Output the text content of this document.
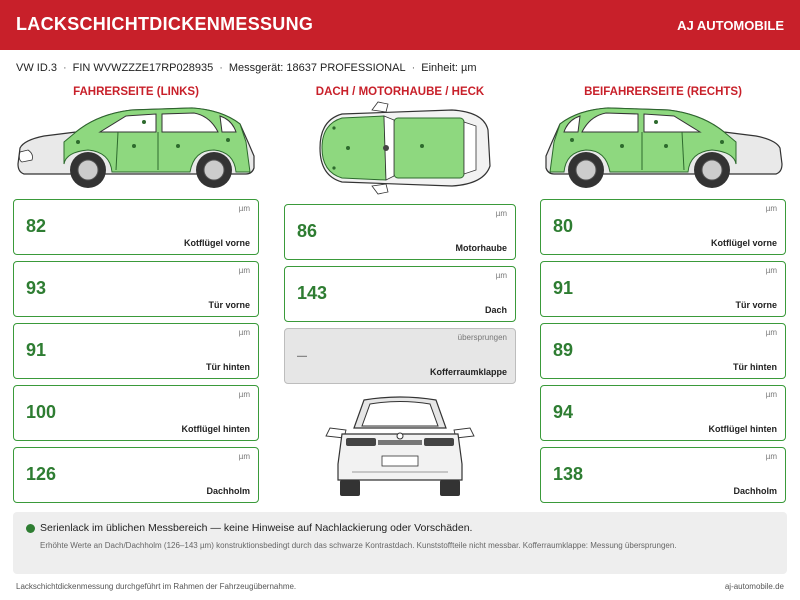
LACKSCHICHTDICKENMESSUNG	AJ AUTOMOBILE
VW ID.3 · FIN WVWZZZE17RP028935 · Messgerät: 18637 PROFESSIONAL · Einheit: µm
FAHRERSEITE (LINKS)	DACH / MOTORHAUBE / HECK	BEIFAHRERSEITE (RECHTS)
µm
82
Kotflügel vorne
µm
93
Tür vorne
µm
91
Tür hinten
µm
100
Kotflügel hinten
µm
126
Dachholm
µm
86
Motorhaube
µm
143
Dach
übersprungen
–
Kofferraumklappe
µm
80
Kotflügel vorne
µm
91
Tür vorne
µm
89
Tür hinten
µm
94
Kotflügel hinten
µm
138
Dachholm
Serienlack im üblichen Messbereich — keine Hinweise auf Nachlackierung oder Vorschäden.
Erhöhte Werte an Dach/Dachholm (126–143 µm) konstruktionsbedingt durch das schwarze Kontrastdach. Kunststoffteile nicht messbar. Kofferraumklappe: Messung übersprungen.
Lackschichtdickenmessung durchgeführt im Rahmen der Fahrzeugübernahme.	aj-automobile.de
